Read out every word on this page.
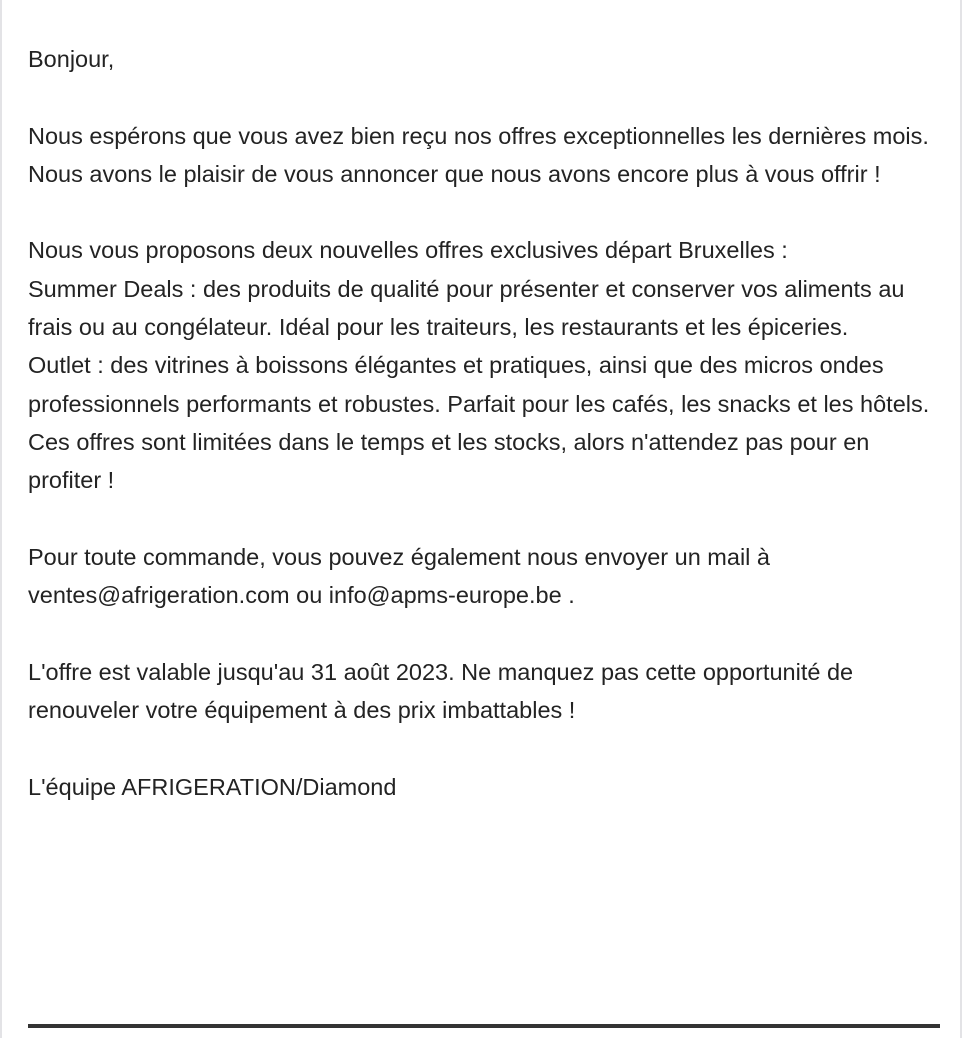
Bonjour,

Nous espérons que vous avez bien reçu nos offres exceptionnelles les dernières mois. Nous avons le plaisir de vous annoncer que nous avons encore plus à vous offrir !

Nous vous proposons deux nouvelles offres exclusives départ Bruxelles :

Summer Deals : des produits de qualité pour présenter et conserver vos aliments au frais ou au congélateur. Idéal pour les traiteurs, les restaurants et les épiceries.

Outlet : des vitrines à boissons élégantes et pratiques, ainsi que des micros ondes professionnels performants et robustes. Parfait pour les cafés, les snacks et les hôtels.

Ces offres sont limitées dans le temps et les stocks, alors n'attendez pas pour en profiter !

Pour toute commande, vous pouvez également nous envoyer un mail à
ventes@afrigeration.com ou info@apms-europe.be .

L'offre est valable jusqu'au 31 août 2023. Ne manquez pas cette opportunité de renouveler votre équipement à des prix imbattables !

L'équipe AFRIGERATION/Diamond
